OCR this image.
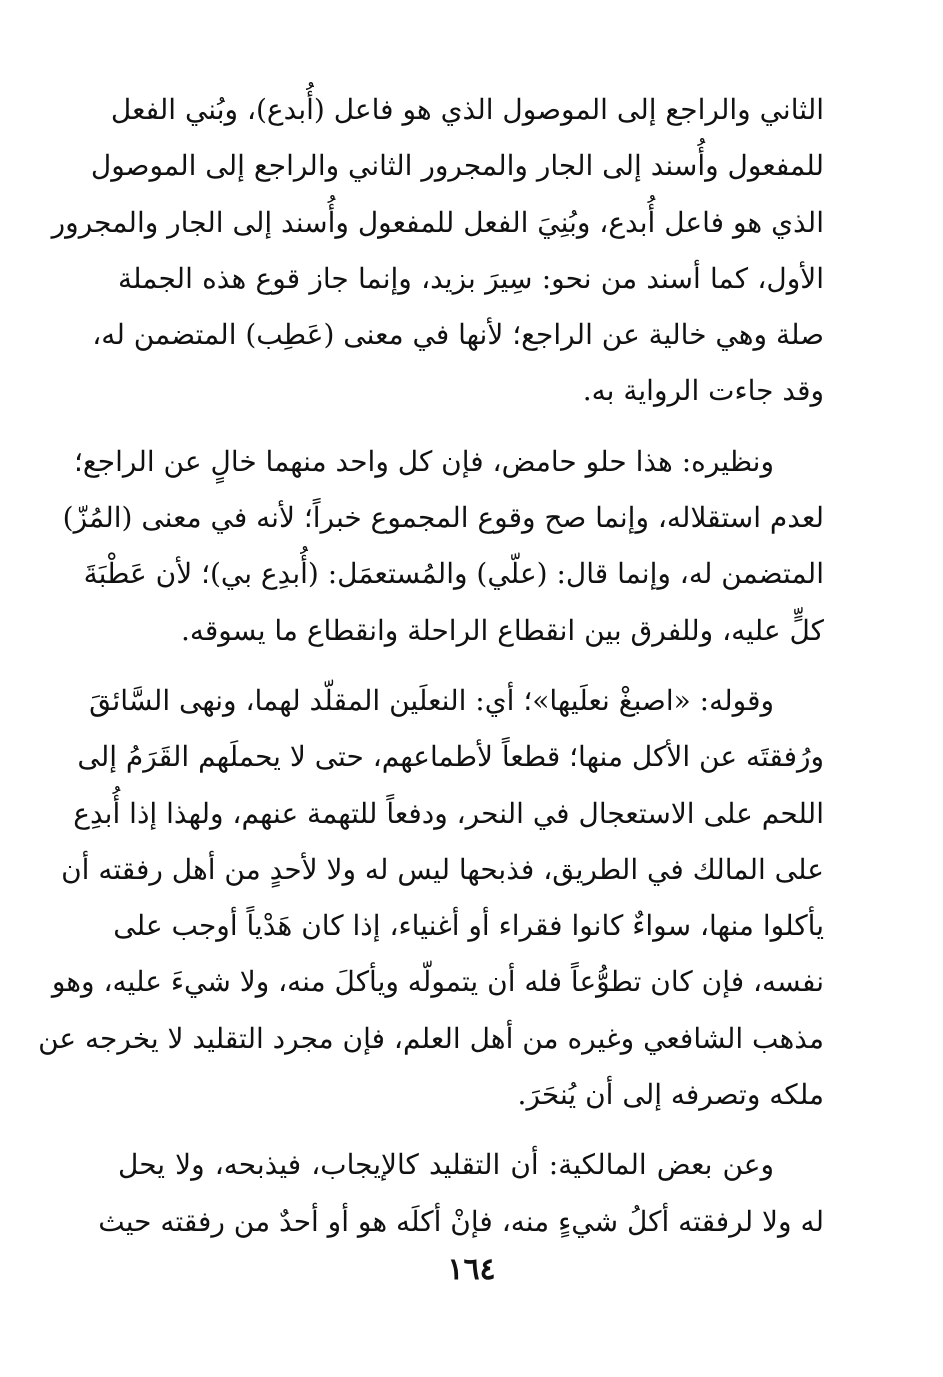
الثاني والراجع إلى الموصول الذي هو فاعل (أُبدع)، وبُني الفعل
للمفعول وأُسند إلى الجار والمجرور الثاني والراجع إلى الموصول
الذي هو فاعل أُبدع، وبُنِيَ الفعل للمفعول وأُسند إلى الجار والمجرور
الأول، كما أسند من نحو: سِيرَ بزيد، وإنما جاز قوع هذه الجملة
صلة وهي خالية عن الراجع؛ لأنها في معنى (عَطِب) المتضمن له،
وقد جاءت الرواية به.
ونظيره: هذا حلو حامض، فإن كل واحد منهما خالٍ عن الراجع؛
لعدم استقلاله، وإنما صح وقوع المجموع خبراً؛ لأنه في معنى (المُزّ)
المتضمن له، وإنما قال: (علّي) والمُستعمَل: (أُبدِع بي)؛ لأن عَطْبَةَ
كلٍّ عليه، وللفرق بين انقطاع الراحلة وانقطاع ما يسوقه.
وقوله: «اصبغْ نعلَيها»؛ أي: النعلَين المقلّد لهما، ونهى السَّائقَ
ورُفقتَه عن الأكل منها؛ قطعاً لأطماعهم، حتى لا يحملَهم القَرَمُ إلى
اللحم على الاستعجال في النحر، ودفعاً للتهمة عنهم، ولهذا إذا أُبدِع
على المالك في الطريق، فذبحها ليس له ولا لأحدٍ من أهل رفقته أن
يأكلوا منها، سواءٌ كانوا فقراء أو أغنياء، إذا كان هَدْياً أوجب على
نفسه، فإن كان تطوُّعاً فله أن يتمولّه ويأكلَ منه، ولا شيءَ عليه، وهو
مذهب الشافعي وغيره من أهل العلم، فإن مجرد التقليد لا يخرجه عن
ملكه وتصرفه إلى أن يُنحَرَ.
وعن بعض المالكية: أن التقليد كالإيجاب، فيذبحه، ولا يحل
له ولا لرفقته أكلُ شيءٍ منه، فإنْ أكلَه هو أو أحدٌ من رفقته حيث
١٦٤
